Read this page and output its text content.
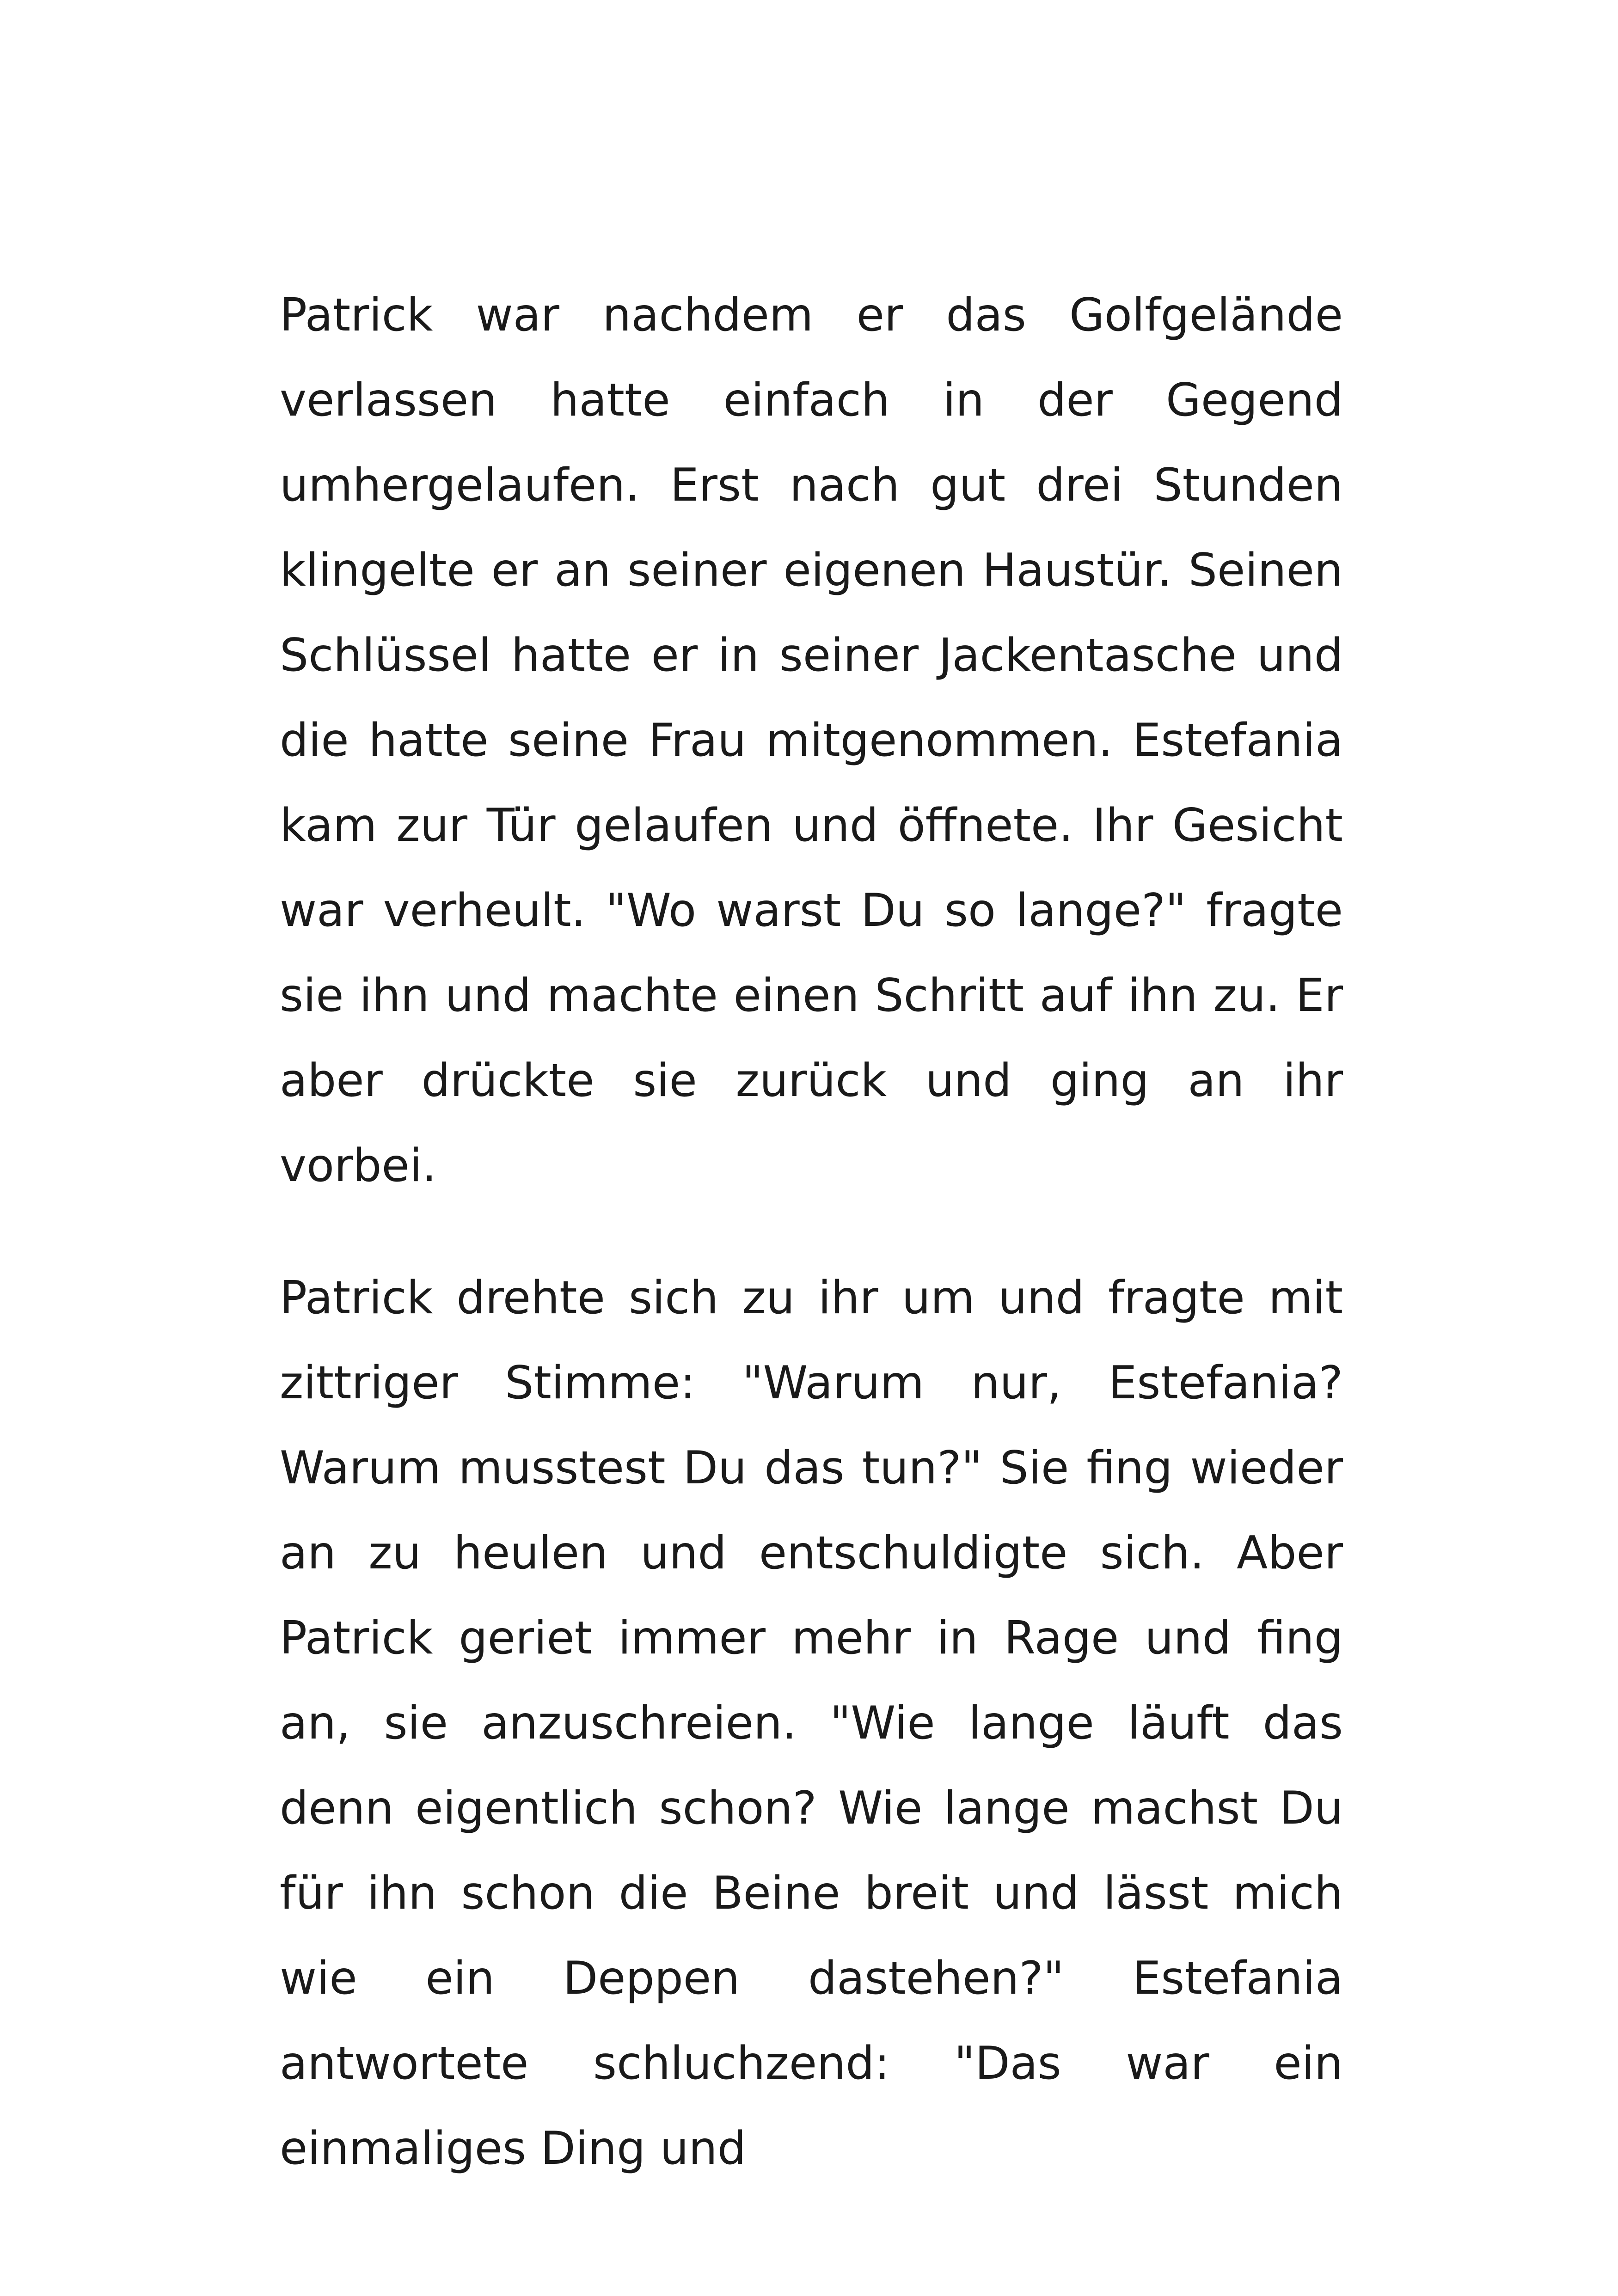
Patrick war nachdem er das Golfgelände verlassen hatte einfach in der Gegend umhergelaufen. Erst nach gut drei Stunden klingelte er an seiner eigenen Haustür. Seinen Schlüssel hatte er in seiner Jackentasche und die hatte seine Frau mitgenommen. Estefania kam zur Tür gelaufen und öffnete. Ihr Gesicht war verheult. "Wo warst Du so lange?" fragte sie ihn und machte einen Schritt auf ihn zu. Er aber drückte sie zurück und ging an ihr vorbei.

Patrick drehte sich zu ihr um und fragte mit zittriger Stimme: "Warum nur, Estefania? Warum musstest Du das tun?" Sie fing wieder an zu heulen und entschuldigte sich. Aber Patrick geriet immer mehr in Rage und fing an, sie anzuschreien. "Wie lange läuft das denn eigentlich schon? Wie lange machst Du für ihn schon die Beine breit und lässt mich wie ein Deppen dastehen?" Estefania antwortete schluchzend: "Das war ein einmaliges Ding und
